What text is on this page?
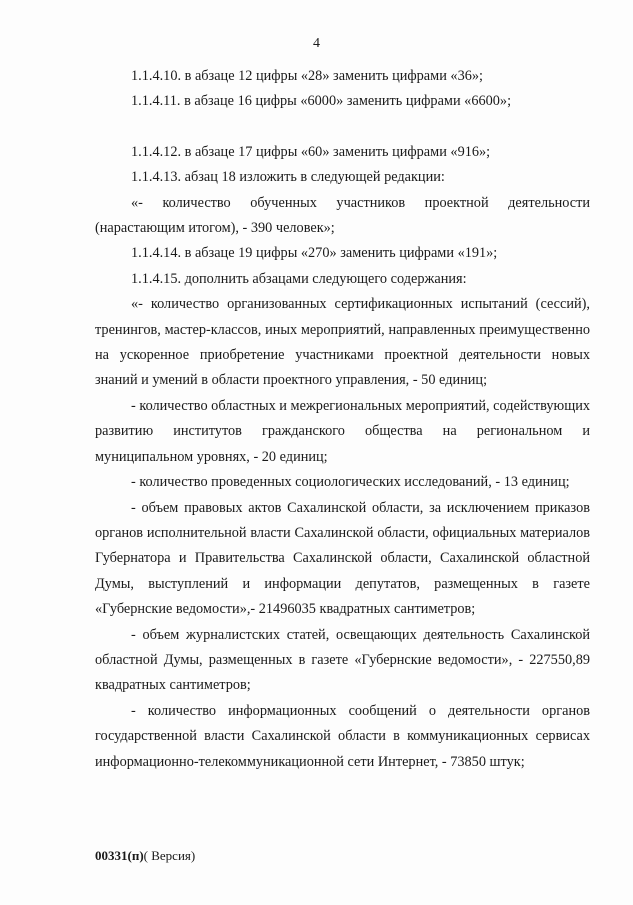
4

1.1.4.10. в абзаце 12 цифры «28» заменить цифрами «36»;

1.1.4.11. в абзаце 16 цифры «6000» заменить цифрами «6600»;

1.1.4.12. в абзаце 17 цифры «60» заменить цифрами «916»;

1.1.4.13. абзац 18 изложить в следующей редакции:

«- количество обученных участников проектной деятельности (нарастающим итогом), - 390 человек»;

1.1.4.14. в абзаце 19 цифры «270» заменить цифрами «191»;

1.1.4.15. дополнить абзацами следующего содержания:

«- количество организованных сертификационных испытаний (сессий), тренингов, мастер-классов, иных мероприятий, направленных преимущественно на ускоренное приобретение участниками проектной деятельности новых знаний и умений в области проектного управления, - 50 единиц;

- количество областных и межрегиональных мероприятий, содействующих развитию институтов гражданского общества на региональном и муниципальном уровнях, - 20 единиц;

- количество проведенных социологических исследований, - 13 единиц;

- объем правовых актов Сахалинской области, за исключением приказов органов исполнительной власти Сахалинской области, официальных материалов Губернатора и Правительства Сахалинской области, Сахалинской областной Думы, выступлений и информации депутатов, размещенных в газете «Губернские ведомости»,- 21496035 квадратных сантиметров;

- объем журналистских статей, освещающих деятельность Сахалинской областной Думы, размещенных в газете «Губернские ведомости», - 227550,89 квадратных сантиметров;

- количество информационных сообщений о деятельности органов государственной власти Сахалинской области в коммуникационных сервисах информационно-телекоммуникационной сети Интернет, - 73850 штук;

00331(п)( Версия)
